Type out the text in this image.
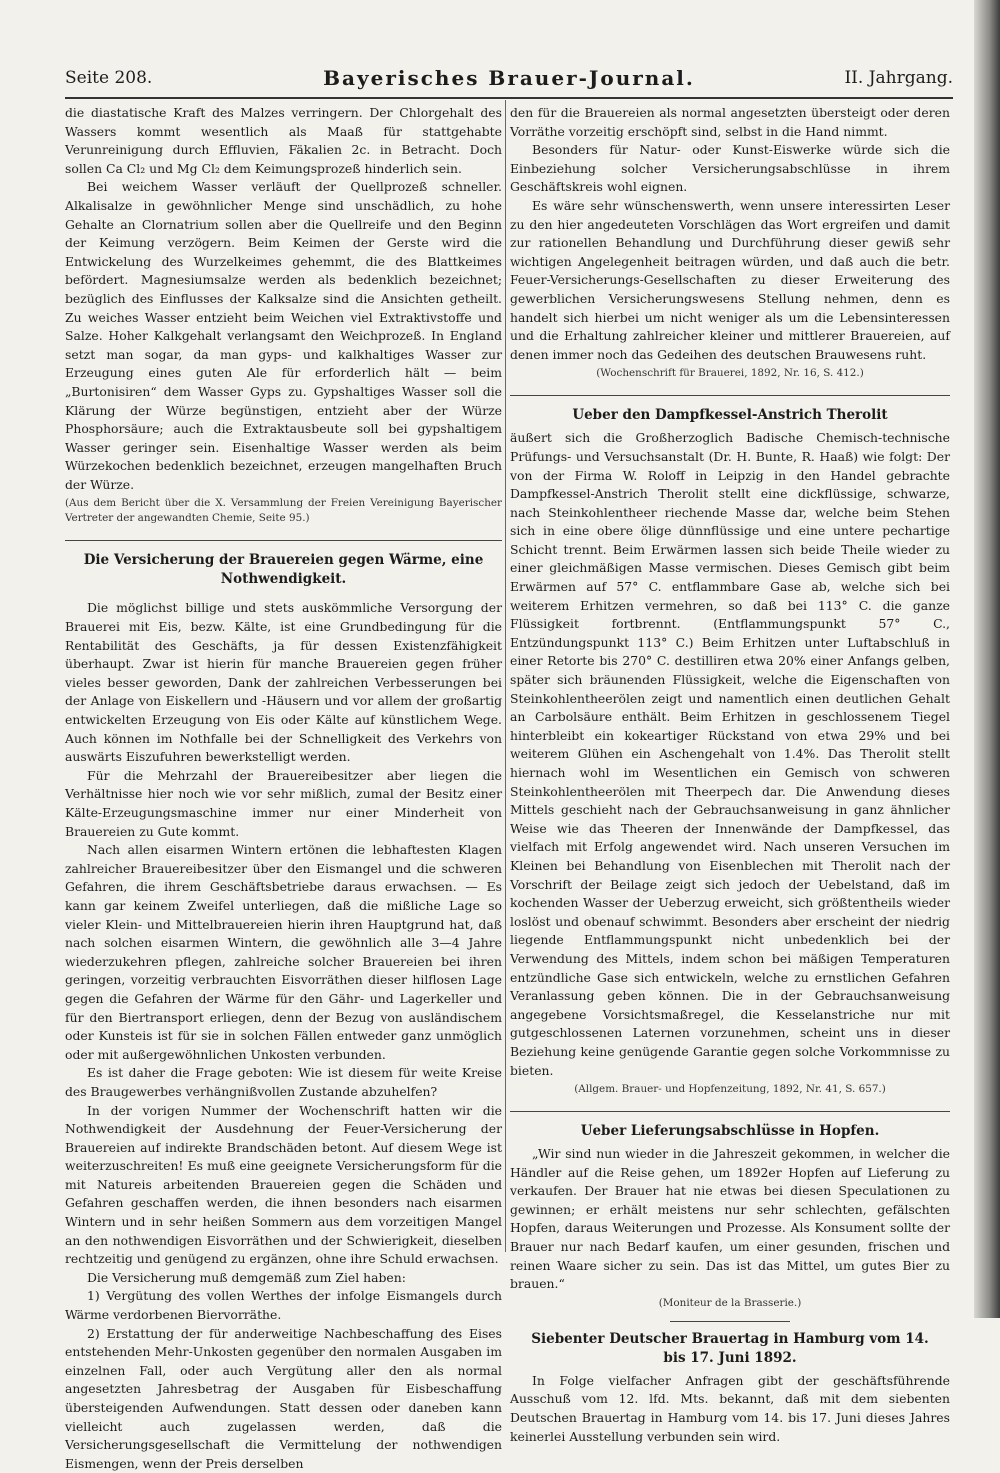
Seite 208.	Bayerisches Brauer-Journal.	II. Jahrgang.

die diastatische Kraft des Malzes verringern. Der Chlorgehalt des Wassers kommt wesentlich als Maaß für stattgehabte Verunreinigung durch Effluvien, Fäkalien 2c. in Betracht. Doch sollen Ca Cl₂ und Mg Cl₂ dem Keimungsprozeß hinderlich sein.

Bei weichem Wasser verläuft der Quellprozeß schneller. Alkalisalze in gewöhnlicher Menge sind unschädlich, zu hohe Gehalte an Clornatrium sollen aber die Quellreife und den Beginn der Keimung verzögern. Beim Keimen der Gerste wird die Entwickelung des Wurzelkeimes gehemmt, die des Blattkeimes befördert. Magnesiumsalze werden als bedenklich bezeichnet; bezüglich des Einflusses der Kalksalze sind die Ansichten getheilt. Zu weiches Wasser entzieht beim Weichen viel Extraktivstoffe und Salze. Hoher Kalkgehalt verlangsamt den Weichprozeß. In England setzt man sogar, da man gyps- und kalkhaltiges Wasser zur Erzeugung eines guten Ale für erforderlich hält — beim „Burtonisiren“ dem Wasser Gyps zu. Gypshaltiges Wasser soll die Klärung der Würze begünstigen, entzieht aber der Würze Phosphorsäure; auch die Extraktausbeute soll bei gypshaltigem Wasser geringer sein. Eisenhaltige Wasser werden als beim Würzekochen bedenklich bezeichnet, erzeugen mangelhaften Bruch der Würze.

(Aus dem Bericht über die X. Versammlung der Freien Vereinigung Bayerischer Vertreter der angewandten Chemie, Seite 95.)

Die Versicherung der Brauereien gegen Wärme, eine Nothwendigkeit.

Die möglichst billige und stets auskömmliche Versorgung der Brauerei mit Eis, bezw. Kälte, ist eine Grundbedingung für die Rentabilität des Geschäfts, ja für dessen Existenzfähigkeit überhaupt. Zwar ist hierin für manche Brauereien gegen früher vieles besser geworden, Dank der zahlreichen Verbesserungen bei der Anlage von Eiskellern und -Häusern und vor allem der großartig entwickelten Erzeugung von Eis oder Kälte auf künstlichem Wege. Auch können im Nothfalle bei der Schnelligkeit des Verkehrs von auswärts Eiszufuhren bewerkstelligt werden.

Für die Mehrzahl der Brauereibesitzer aber liegen die Verhältnisse hier noch wie vor sehr mißlich, zumal der Besitz einer Kälte-Erzeugungsmaschine immer nur einer Minderheit von Brauereien zu Gute kommt.

Nach allen eisarmen Wintern ertönen die lebhaftesten Klagen zahlreicher Brauereibesitzer über den Eismangel und die schweren Gefahren, die ihrem Geschäftsbetriebe daraus erwachsen. — Es kann gar keinem Zweifel unterliegen, daß die mißliche Lage so vieler Klein- und Mittelbrauereien hierin ihren Hauptgrund hat, daß nach solchen eisarmen Wintern, die gewöhnlich alle 3—4 Jahre wiederzukehren pflegen, zahlreiche solcher Brauereien bei ihren geringen, vorzeitig verbrauchten Eisvorräthen dieser hilflosen Lage gegen die Gefahren der Wärme für den Gähr- und Lagerkeller und für den Biertransport erliegen, denn der Bezug von ausländischem oder Kunsteis ist für sie in solchen Fällen entweder ganz unmöglich oder mit außergewöhnlichen Unkosten verbunden.

Es ist daher die Frage geboten: Wie ist diesem für weite Kreise des Braugewerbes verhängnißvollen Zustande abzuhelfen?

In der vorigen Nummer der Wochenschrift hatten wir die Nothwendigkeit der Ausdehnung der Feuer-Versicherung der Brauereien auf indirekte Brandschäden betont. Auf diesem Wege ist weiterzuschreiten! Es muß eine geeignete Versicherungsform für die mit Natureis arbeitenden Brauereien gegen die Schäden und Gefahren geschaffen werden, die ihnen besonders nach eisarmen Wintern und in sehr heißen Sommern aus dem vorzeitigen Mangel an den nothwendigen Eisvorräthen und der Schwierigkeit, dieselben rechtzeitig und genügend zu ergänzen, ohne ihre Schuld erwachsen.

Die Versicherung muß demgemäß zum Ziel haben:

1) Vergütung des vollen Werthes der infolge Eismangels durch Wärme verdorbenen Biervorräthe.

2) Erstattung der für anderweitige Nachbeschaffung des Eises entstehenden Mehr-Unkosten gegenüber den normalen Ausgaben im einzelnen Fall, oder auch Vergütung aller den als normal angesetzten Jahresbetrag der Ausgaben für Eisbeschaffung übersteigenden Aufwendungen. Statt dessen oder daneben kann vielleicht auch zugelassen werden, daß die Versicherungsgesellschaft die Vermittelung der nothwendigen Eismengen, wenn der Preis derselben

den für die Brauereien als normal angesetzten übersteigt oder deren Vorräthe vorzeitig erschöpft sind, selbst in die Hand nimmt.

Besonders für Natur- oder Kunst-Eiswerke würde sich die Einbeziehung solcher Versicherungsabschlüsse in ihrem Geschäftskreis wohl eignen.

Es wäre sehr wünschenswerth, wenn unsere interessirten Leser zu den hier angedeuteten Vorschlägen das Wort ergreifen und damit zur rationellen Behandlung und Durchführung dieser gewiß sehr wichtigen Angelegenheit beitragen würden, und daß auch die betr. Feuer-Versicherungs-Gesellschaften zu dieser Erweiterung des gewerblichen Versicherungswesens Stellung nehmen, denn es handelt sich hierbei um nicht weniger als um die Lebensinteressen und die Erhaltung zahlreicher kleiner und mittlerer Brauereien, auf denen immer noch das Gedeihen des deutschen Brauwesens ruht.

(Wochenschrift für Brauerei, 1892, Nr. 16, S. 412.)

Ueber den Dampfkessel-Anstrich Therolit

äußert sich die Großherzoglich Badische Chemisch-technische Prüfungs- und Versuchsanstalt (Dr. H. Bunte, R. Haaß) wie folgt: Der von der Firma W. Roloff in Leipzig in den Handel gebrachte Dampfkessel-Anstrich Therolit stellt eine dickflüssige, schwarze, nach Steinkohlentheer riechende Masse dar, welche beim Stehen sich in eine obere ölige dünnflüssige und eine untere pechartige Schicht trennt. Beim Erwärmen lassen sich beide Theile wieder zu einer gleichmäßigen Masse vermischen. Dieses Gemisch gibt beim Erwärmen auf 57° C. entflammbare Gase ab, welche sich bei weiterem Erhitzen vermehren, so daß bei 113° C. die ganze Flüssigkeit fortbrennt. (Entflammungspunkt 57° C., Entzündungspunkt 113° C.) Beim Erhitzen unter Luftabschluß in einer Retorte bis 270° C. destilliren etwa 20% einer Anfangs gelben, später sich bräunenden Flüssigkeit, welche die Eigenschaften von Steinkohlentheerölen zeigt und namentlich einen deutlichen Gehalt an Carbolsäure enthält. Beim Erhitzen in geschlossenem Tiegel hinterbleibt ein kokeartiger Rückstand von etwa 29% und bei weiterem Glühen ein Aschengehalt von 1.4%. Das Therolit stellt hiernach wohl im Wesentlichen ein Gemisch von schweren Steinkohlentheerölen mit Theerpech dar. Die Anwendung dieses Mittels geschieht nach der Gebrauchsanweisung in ganz ähnlicher Weise wie das Theeren der Innenwände der Dampfkessel, das vielfach mit Erfolg angewendet wird. Nach unseren Versuchen im Kleinen bei Behandlung von Eisenblechen mit Therolit nach der Vorschrift der Beilage zeigt sich jedoch der Uebelstand, daß im kochenden Wasser der Ueberzug erweicht, sich größtentheils wieder loslöst und obenauf schwimmt. Besonders aber erscheint der niedrig liegende Entflammungspunkt nicht unbedenklich bei der Verwendung des Mittels, indem schon bei mäßigen Temperaturen entzündliche Gase sich entwickeln, welche zu ernstlichen Gefahren Veranlassung geben können. Die in der Gebrauchsanweisung angegebene Vorsichtsmaßregel, die Kesselanstriche nur mit gutgeschlossenen Laternen vorzunehmen, scheint uns in dieser Beziehung keine genügende Garantie gegen solche Vorkommnisse zu bieten.

(Allgem. Brauer- und Hopfenzeitung, 1892, Nr. 41, S. 657.)

Ueber Lieferungsabschlüsse in Hopfen.

„Wir sind nun wieder in die Jahreszeit gekommen, in welcher die Händler auf die Reise gehen, um 1892er Hopfen auf Lieferung zu verkaufen. Der Brauer hat nie etwas bei diesen Speculationen zu gewinnen; er erhält meistens nur sehr schlechten, gefälschten Hopfen, daraus Weiterungen und Prozesse. Als Konsument sollte der Brauer nur nach Bedarf kaufen, um einer gesunden, frischen und reinen Waare sicher zu sein. Das ist das Mittel, um gutes Bier zu brauen.“

(Moniteur de la Brasserie.)

Siebenter Deutscher Brauertag in Hamburg vom 14. bis 17. Juni 1892.

In Folge vielfacher Anfragen gibt der geschäftsführende Ausschuß vom 12. lfd. Mts. bekannt, daß mit dem siebenten Deutschen Brauertag in Hamburg vom 14. bis 17. Juni dieses Jahres keinerlei Ausstellung verbunden sein wird.
